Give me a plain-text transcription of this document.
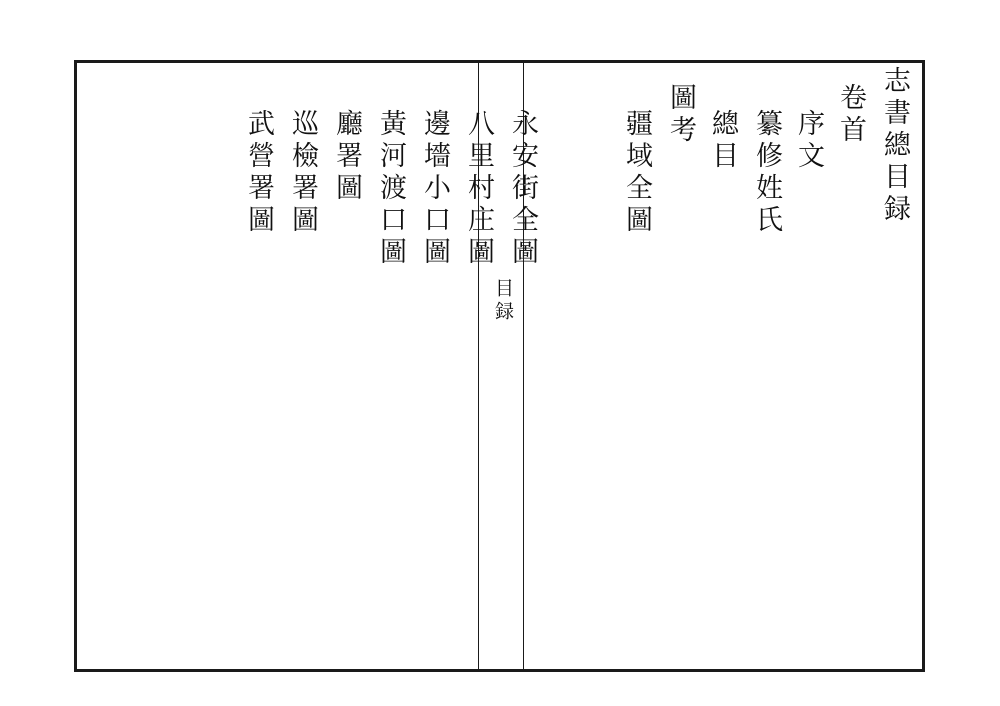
志書總目録
卷首
序文
纂修姓氏
總目
圖考
疆域全圖
目録
永安街全圖
八里村庄圖
邊墻小口圖
黃河渡口圖
廳署圖
巡檢署圖
武營署圖
